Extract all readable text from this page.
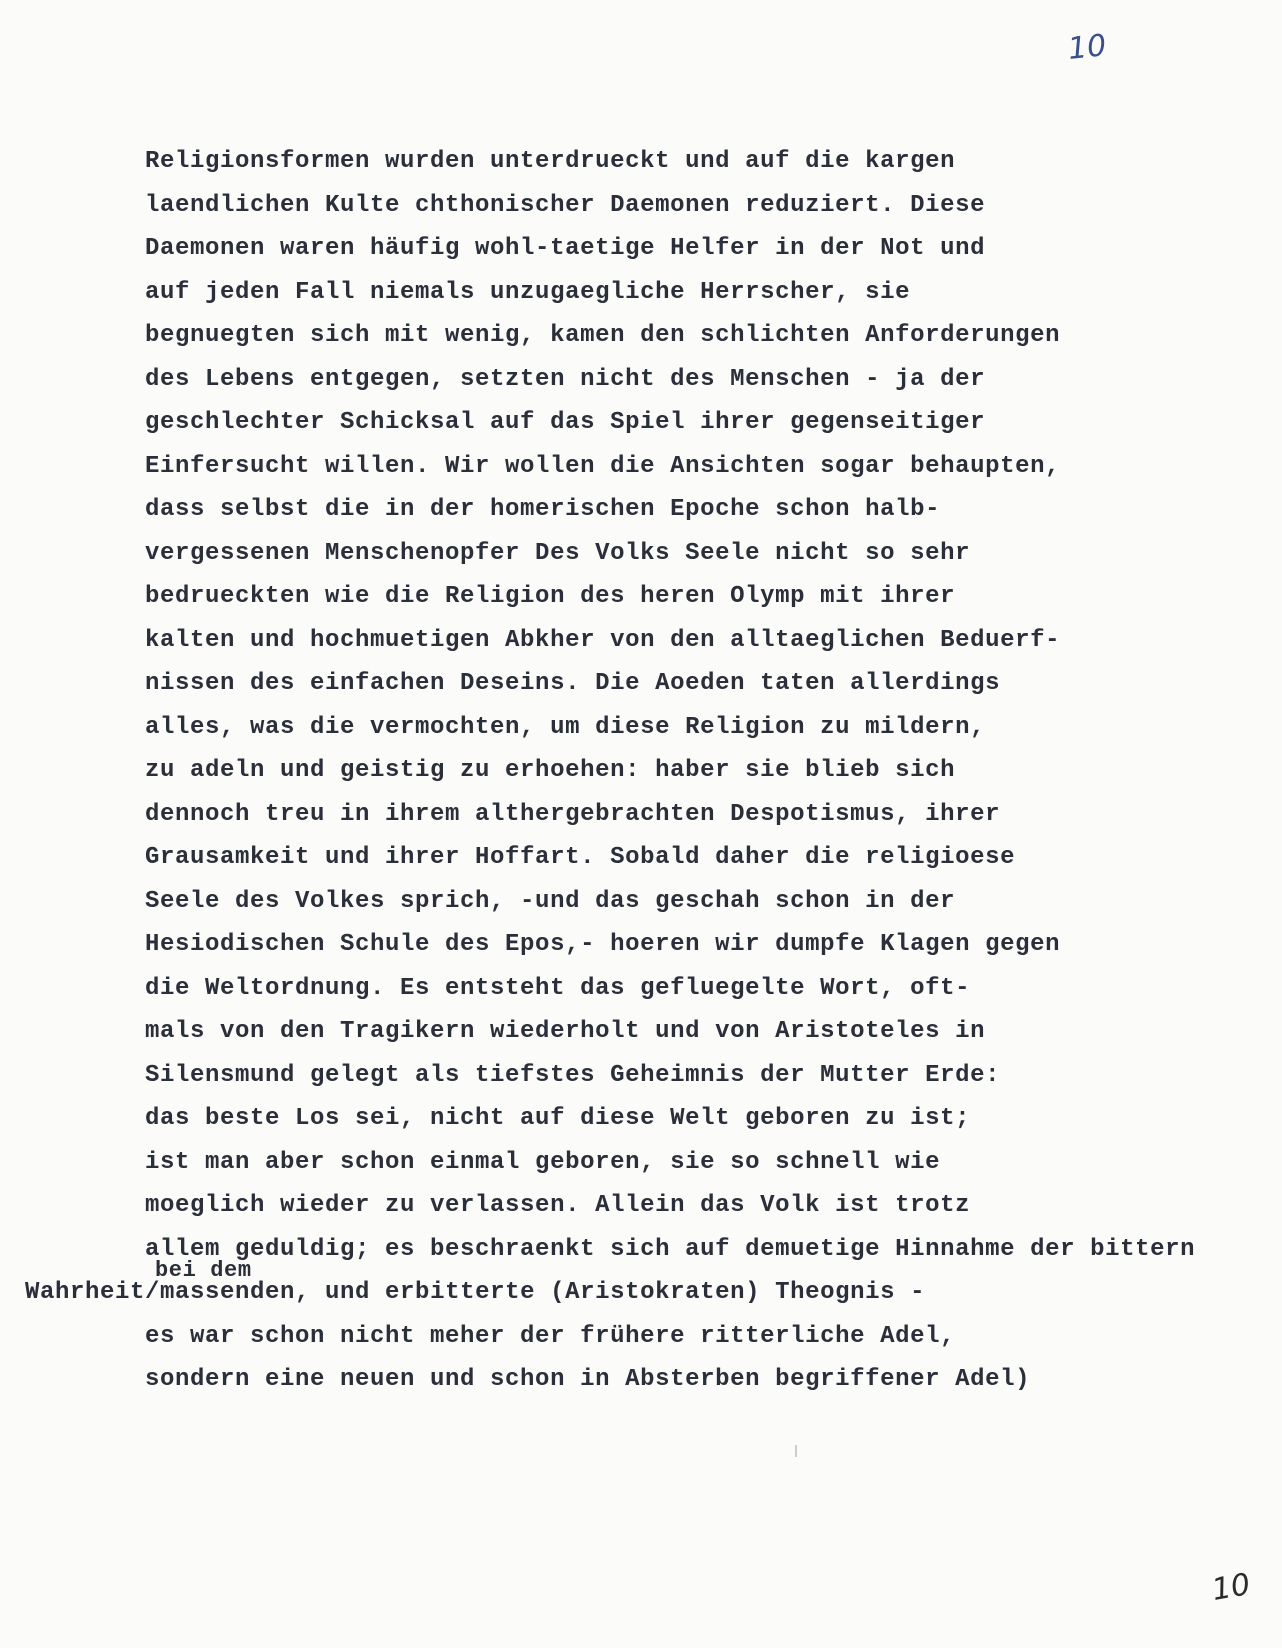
10
Religionsformen wurden unterdrueckt und auf die kargen
laendlichen Kulte chthonischer Daemonen reduziert. Diese
Daemonen waren häufig wohl-taetige Helfer in der Not und
auf jeden Fall niemals unzugaegliche Herrscher, sie
begnuegten sich mit wenig, kamen den schlichten Anforderungen
des Lebens entgegen, setzten nicht des Menschen - ja der
geschlechter Schicksal auf das Spiel ihrer gegenseitiger
Einfersucht willen. Wir wollen die Ansichten sogar behaupten,
dass selbst die in der homerischen Epoche schon halb-
vergessenen Menschenopfer Des Volks Seele nicht so sehr
bedrueckten wie die Religion des heren Olymp mit ihrer
kalten und hochmuetigen Abkher von den alltaeglichen Beduerf-
nissen des einfachen Deseins. Die Aoeden taten allerdings
alles, was die vermochten, um diese Religion zu mildern,
zu adeln und geistig zu erhoehen: haber sie blieb sich
dennoch treu in ihrem althergebrachten Despotismus, ihrer
Grausamkeit und ihrer Hoffart. Sobald daher die religioese
Seele des Volkes sprich, -und das geschah schon in der
Hesiodischen Schule des Epos,- hoeren wir dumpfe Klagen gegen
die Weltordnung. Es entsteht das gefluegelte Wort, oft-
mals von den Tragikern wiederholt und von Aristoteles in
Silensmund gelegt als tiefstes Geheimnis der Mutter Erde:
das beste Los sei, nicht auf diese Welt geboren zu ist;
ist man aber schon einmal geboren, sie so schnell wie
moeglich wieder zu verlassen. Allein das Volk ist trotz
allem geduldig; es beschraenkt sich auf demuetige Hinnahme der bittern
Wahrheit/massenden, und erbitterte (Aristokraten) Theognis -
es war schon nicht meher der frühere ritterliche Adel,
sondern eine neuen und schon in Absterben begriffener Adel)
bei dem
10
